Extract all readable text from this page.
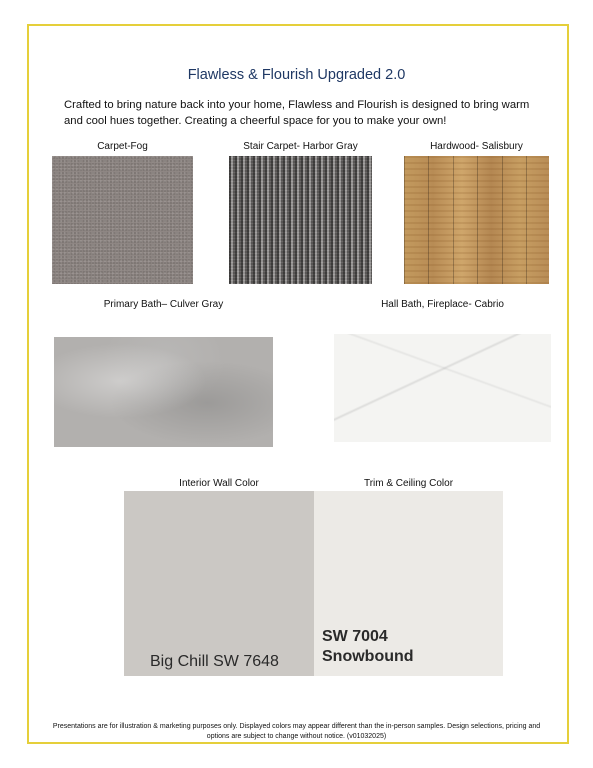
Flawless & Flourish Upgraded 2.0
Crafted to bring nature back into your home, Flawless and Flourish is designed to bring warm and cool hues together. Creating a cheerful space for you to make your own!
Carpet-Fog	Stair Carpet- Harbor Gray	Hardwood- Salisbury
Primary Bath– Culver Gray	Hall Bath, Fireplace- Cabrio
Interior Wall Color	Trim & Ceiling Color
Big Chill SW 7648
SW 7004
Snowbound
Presentations are for illustration & marketing purposes only. Displayed colors may appear different than the in-person samples. Design selections, pricing and options are subject to change without notice. (v01032025)
